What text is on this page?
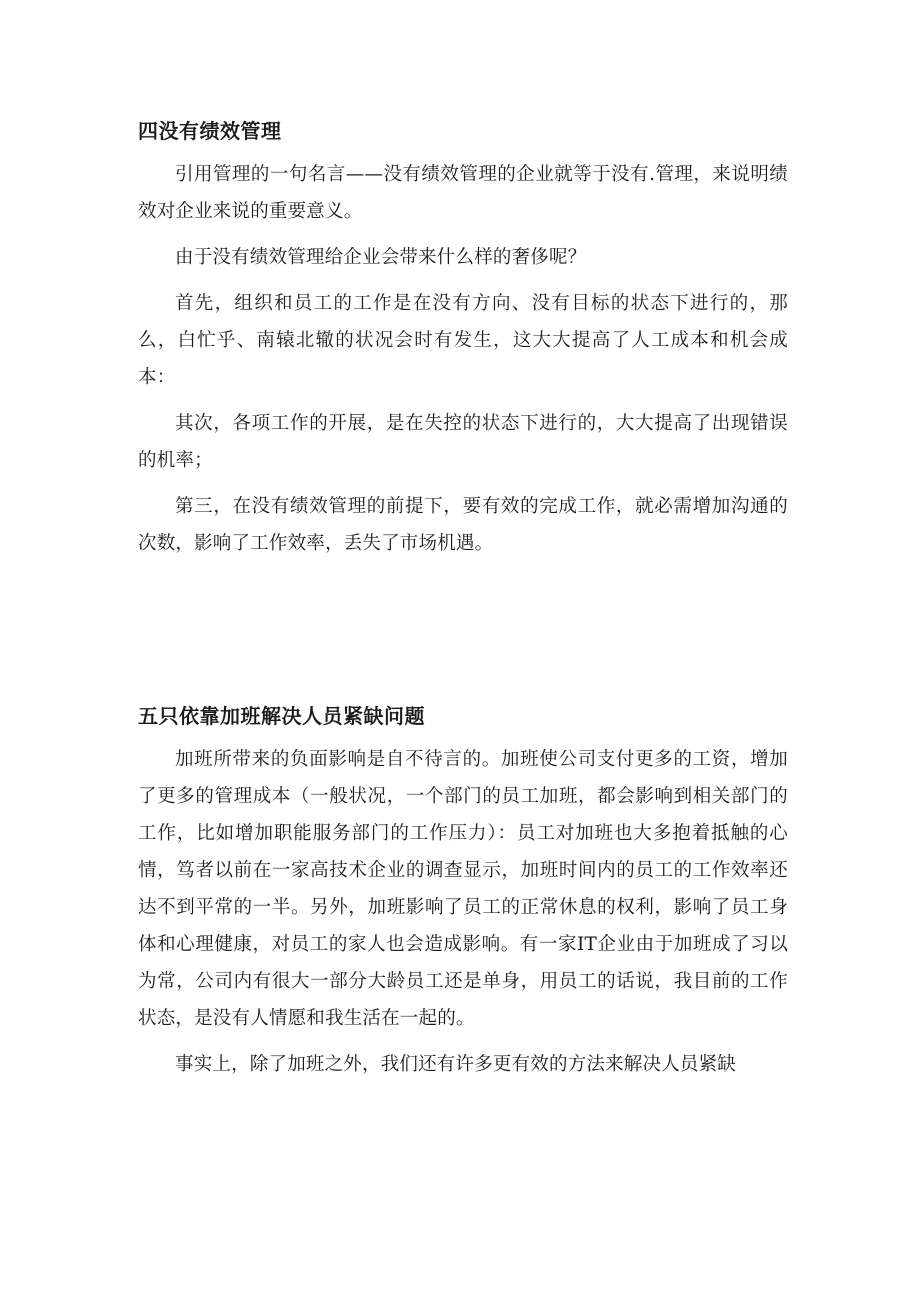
四没有绩效管理

引用管理的一句名言——没有绩效管理的企业就等于没有.管理，来说明绩效对企业来说的重要意义。

由于没有绩效管理给企业会带来什么样的奢侈呢？

首先，组织和员工的工作是在没有方向、没有目标的状态下进行的，那么，白忙乎、南辕北辙的状况会时有发生，这大大提高了人工成本和机会成本：

其次，各项工作的开展，是在失控的状态下进行的，大大提高了出现错误的机率；

第三，在没有绩效管理的前提下，要有效的完成工作，就必需增加沟通的次数，影响了工作效率，丢失了市场机遇。

五只依靠加班解决人员紧缺问题

加班所带来的负面影响是自不待言的。加班使公司支付更多的工资，增加了更多的管理成本（一般状况，一个部门的员工加班，都会影响到相关部门的工作，比如增加职能服务部门的工作压力）：员工对加班也大多抱着抵触的心情，笃者以前在一家高技术企业的调查显示，加班时间内的员工的工作效率还达不到平常的一半。另外，加班影响了员工的正常休息的权利，影响了员工身体和心理健康，对员工的家人也会造成影响。有一家IT企业由于加班成了习以为常，公司内有很大一部分大龄员工还是单身，用员工的话说，我目前的工作状态，是没有人情愿和我生活在一起的。

事实上，除了加班之外，我们还有许多更有效的方法来解决人员紧缺
